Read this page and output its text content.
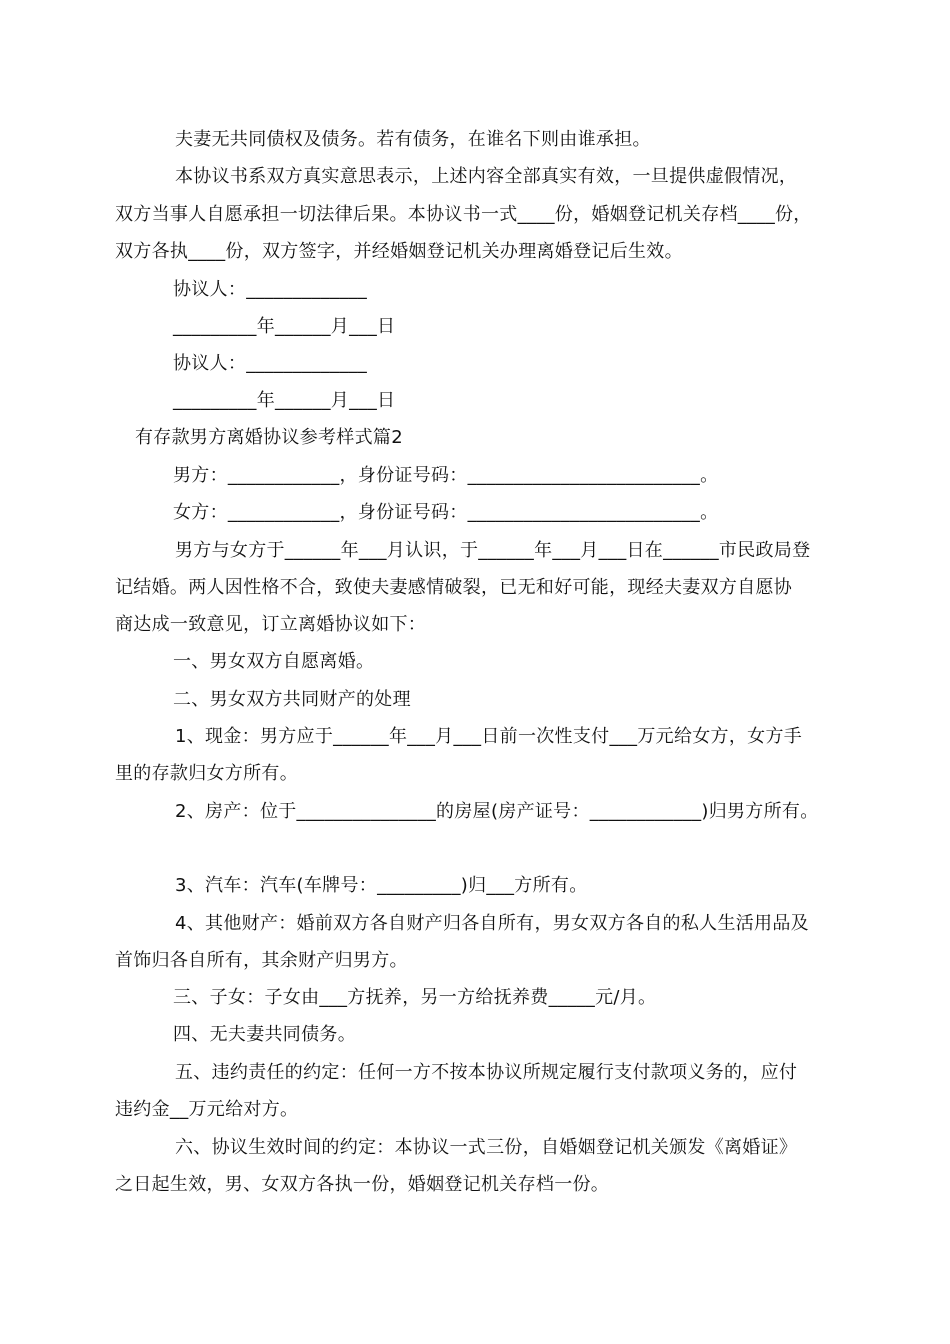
夫妻无共同债权及债务。若有债务，在谁名下则由谁承担。
本协议书系双方真实意思表示，上述内容全部真实有效，一旦提供虚假情况，
双方当事人自愿承担一切法律后果。本协议书一式____份，婚姻登记机关存档____份，
双方各执____份，双方签字，并经婚姻登记机关办理离婚登记后生效。
协议人：_____________
_________年______月___日
协议人：_____________
_________年______月___日
有存款男方离婚协议参考样式篇2
男方：____________，身份证号码：_________________________。
女方：____________，身份证号码：_________________________。
男方与女方于______年___月认识，于______年___月___日在______市民政局登
记结婚。两人因性格不合，致使夫妻感情破裂，已无和好可能，现经夫妻双方自愿协
商达成一致意见，订立离婚协议如下：
一、男女双方自愿离婚。
二、男女双方共同财产的处理
1、现金：男方应于______年___月___日前一次性支付___万元给女方，女方手
里的存款归女方所有。
2、房产：位于_______________的房屋(房产证号：____________)归男方所有。
3、汽车：汽车(车牌号：_________)归___方所有。
4、其他财产：婚前双方各自财产归各自所有，男女双方各自的私人生活用品及
首饰归各自所有，其余财产归男方。
三、子女：子女由___方抚养，另一方给抚养费_____元/月。
四、无夫妻共同债务。
五、违约责任的约定：任何一方不按本协议所规定履行支付款项义务的，应付
违约金__万元给对方。
六、协议生效时间的约定：本协议一式三份，自婚姻登记机关颁发《离婚证》
之日起生效，男、女双方各执一份，婚姻登记机关存档一份。
